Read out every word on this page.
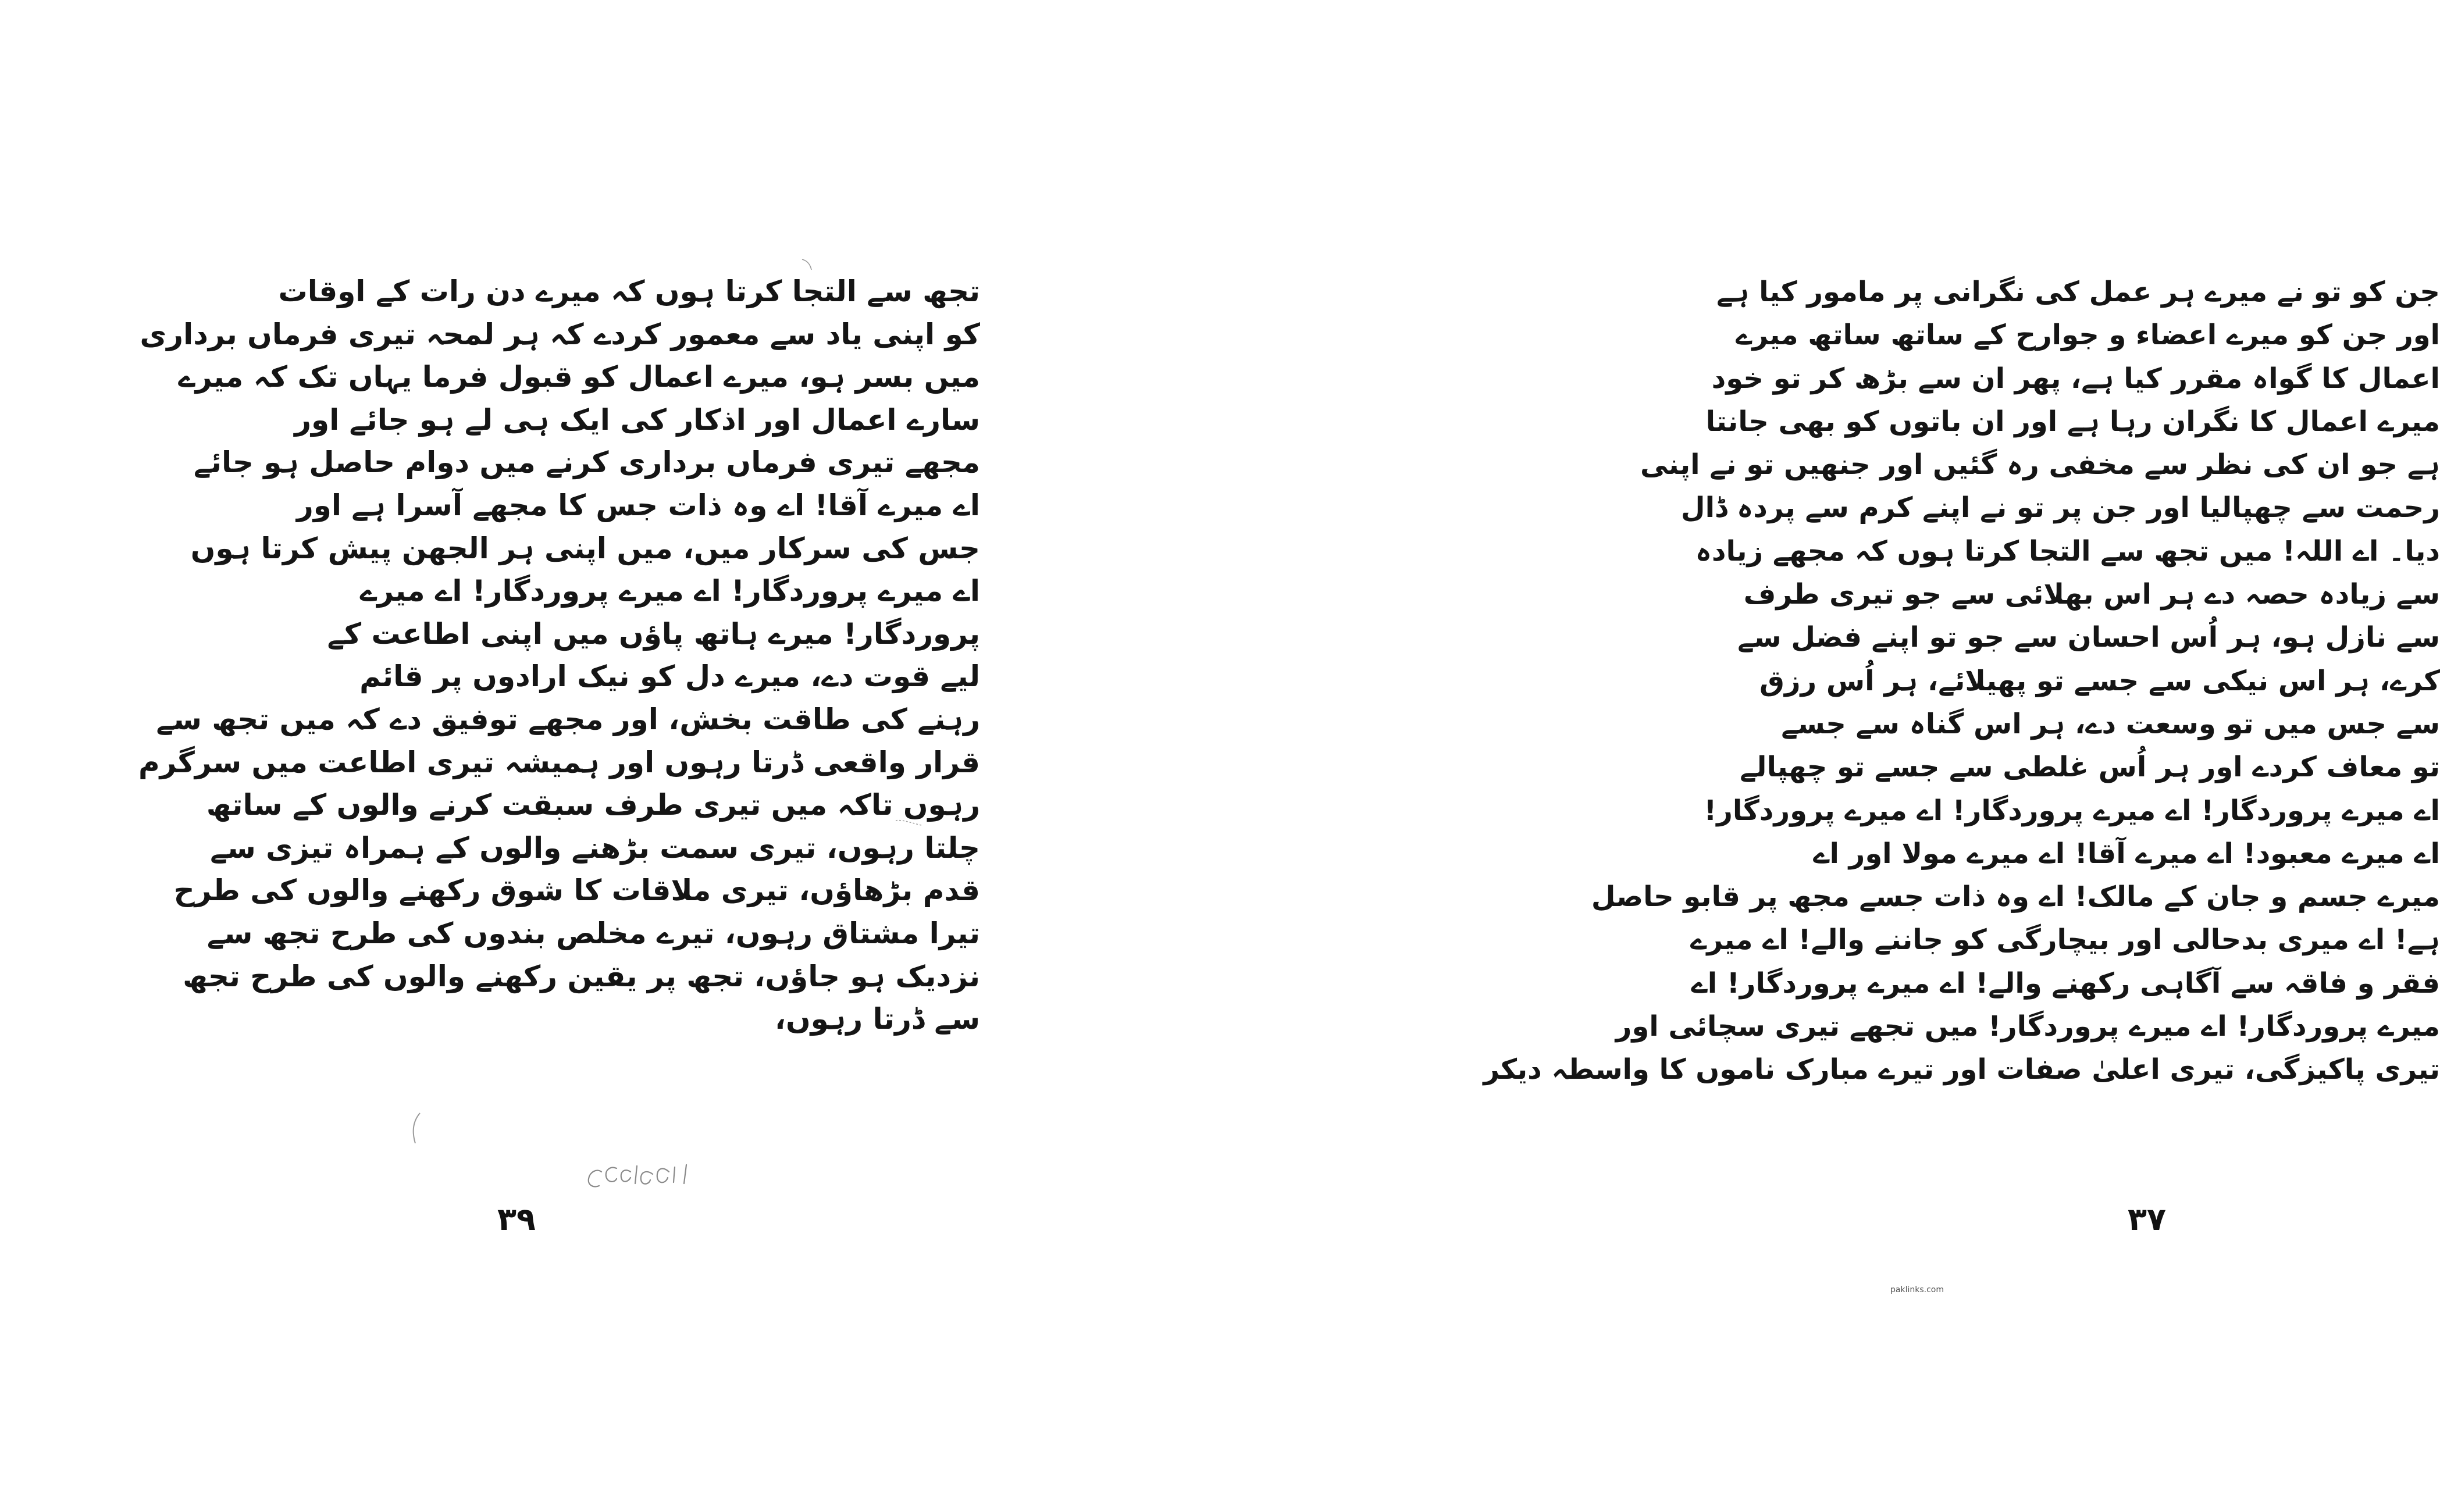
تجھ سے التجا کرتا ہوں کہ میرے دن رات کے اوقات
کو اپنی یاد سے معمور کردے کہ ہر لمحہ تیری فرماں برداری
میں بسر ہو، میرے اعمال کو قبول فرما یہاں تک کہ میرے
سارے اعمال اور اذکار کی ایک ہی لے ہو جائے اور
مجھے تیری فرماں برداری کرنے میں دوام حاصل ہو جائے
اے میرے آقا! اے وہ ذات جس کا مجھے آسرا ہے اور
جس کی سرکار میں، میں اپنی ہر الجھن پیش کرتا ہوں
اے میرے پروردگار! اے میرے پروردگار! اے میرے
پروردگار! میرے ہاتھ پاؤں میں اپنی اطاعت کے
لیے قوت دے، میرے دل کو نیک ارادوں پر قائم
رہنے کی طاقت بخش، اور مجھے توفیق دے کہ میں تجھ سے
قرار واقعی ڈرتا رہوں اور ہمیشہ تیری اطاعت میں سرگرم
رہوں تاکہ میں تیری طرف سبقت کرنے والوں کے ساتھ
چلتا رہوں، تیری سمت بڑھنے والوں کے ہمراہ تیزی سے
قدم بڑھاؤں، تیری ملاقات کا شوق رکھنے والوں کی طرح
تیرا مشتاق رہوں، تیرے مخلص بندوں کی طرح تجھ سے
نزدیک ہو جاؤں، تجھ پر یقین رکھنے والوں کی طرح تجھ
سے ڈرتا رہوں،
۳۹
جن کو تو نے میرے ہر عمل کی نگرانی پر مامور کیا ہے
اور جن کو میرے اعضاء و جوارح کے ساتھ ساتھ میرے
اعمال کا گواہ مقرر کیا ہے، پھر ان سے بڑھ کر تو خود
میرے اعمال کا نگران رہا ہے اور ان باتوں کو بھی جانتا
ہے جو ان کی نظر سے مخفی رہ گئیں اور جنھیں تو نے اپنی
رحمت سے چھپالیا اور جن پر تو نے اپنے کرم سے پردہ ڈال
دیا۔ اے اللہ! میں تجھ سے التجا کرتا ہوں کہ مجھے زیادہ
سے زیادہ حصہ دے ہر اس بھلائی سے جو تیری طرف
سے نازل ہو، ہر اُس احسان سے جو تو اپنے فضل سے
کرے، ہر اس نیکی سے جسے تو پھیلائے، ہر اُس رزق
سے جس میں تو وسعت دے، ہر اس گناہ سے جسے
تو معاف کردے اور ہر اُس غلطی سے جسے تو چھپالے
اے میرے پروردگار! اے میرے پروردگار! اے میرے پروردگار!
اے میرے معبود! اے میرے آقا! اے میرے مولا اور اے
میرے جسم و جان کے مالک! اے وہ ذات جسے مجھ پر قابو حاصل
ہے! اے میری بدحالی اور بیچارگی کو جاننے والے! اے میرے
فقر و فاقہ سے آگاہی رکھنے والے! اے میرے پروردگار! اے
میرے پروردگار! اے میرے پروردگار! میں تجھے تیری سچائی اور
تیری پاکیزگی، تیری اعلیٰ صفات اور تیرے مبارک ناموں کا واسطہ دیکر
۳۷
paklinks.com
